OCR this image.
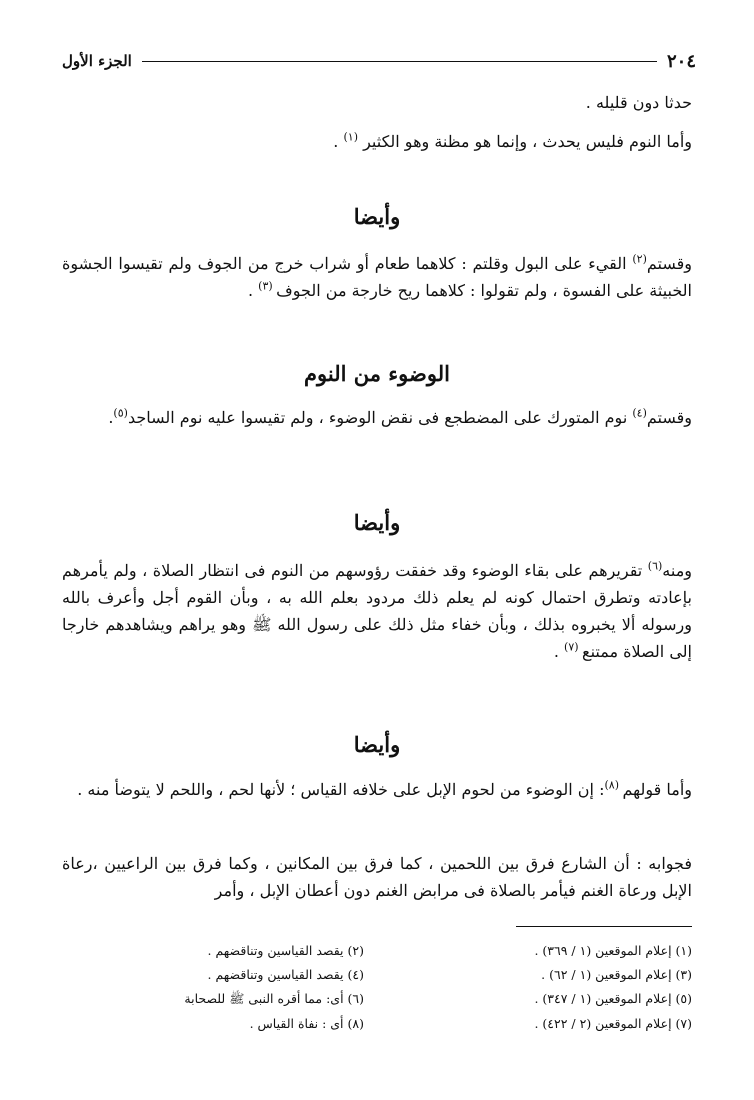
٢٠٤
الجزء الأول

حدثا دون قليله .

وأما النوم فليس يحدث ، وإنما هو مظنة وهو الكثير $^{(١)}$ .

وأيضا

وقستم$^{(٢)}$ القيء على البول وقلتم : كلاهما طعام أو شراب خرج من الجوف ولم تقيسوا الجشوة الخبيثة على الفسوة ، ولم تقولوا : كلاهما ريح خارجة من الجوف $^{(٣)}$ .

الوضوء من النوم

وقستم$^{(٤)}$ نوم المتورك على المضطجع فى نقض الوضوء ، ولم تقيسوا عليه نوم الساجد$^{(٥)}$.

وأيضا

ومنه$^{(٦)}$ تقريرهم على بقاء الوضوء وقد خفقت رؤوسهم من النوم فى انتظار الصلاة ، ولم يأمرهم بإعادته وتطرق احتمال كونه لم يعلم ذلك مردود بعلم الله به ، وبأن القوم أجل وأعرف بالله ورسوله ألا يخبروه بذلك ، وبأن خفاء مثل ذلك على رسول الله ﷺ وهو يراهم ويشاهدهم خارجا إلى الصلاة ممتنع $^{(٧)}$ .

وأيضا

وأما قولهم $^{(٨)}$: إن الوضوء من لحوم الإبل على خلافه القياس ؛ لأنها لحم ، واللحم لا يتوضأ منه .

فجوابه : أن الشارع فرق بين اللحمين ، كما فرق بين المكانين ، وكما فرق بين الراعيين ،رعاة الإبل ورعاة الغنم فيأمر بالصلاة فى مرابض الغنم دون أعطان الإبل ، وأمر

(١) إعلام الموقعين (١ / ٣٦٩) .
(٢) يقصد القياسين وتناقضهم .
(٣) إعلام الموقعين (١ / ٦٢) .
(٤) يقصد القياسين وتناقضهم .
(٥) إعلام الموقعين (١ / ٣٤٧) .
(٦) أى: مما أقره النبى ﷺ للصحابة
(٧) إعلام الموقعين (٢ / ٤٢٢) .
(٨) أى : نفاة القياس .
